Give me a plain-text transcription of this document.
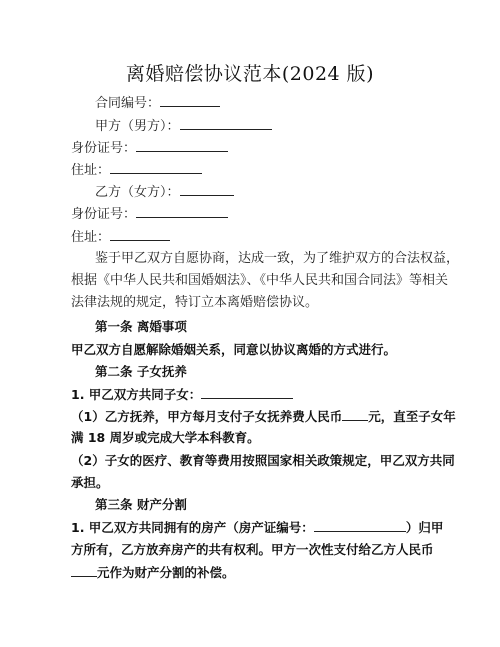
离婚赔偿协议范本(2024 版)
合同编号：
甲方（男方）：
身份证号：
住址：
乙方（女方）：
身份证号：
住址：
鉴于甲乙双方自愿协商，达成一致，为了维护双方的合法权益，
根据《中华人民共和国婚姻法》、《中华人民共和国合同法》等相关
法律法规的规定，特订立本离婚赔偿协议。
第一条 离婚事项
甲乙双方自愿解除婚姻关系，同意以协议离婚的方式进行。
第二条 子女抚养
1. 甲乙双方共同子女：
（1）乙方抚养，甲方每月支付子女抚养费人民币 元，直至子女年
满 18 周岁或完成大学本科教育。
（2）子女的医疗、教育等费用按照国家相关政策规定，甲乙双方共同
承担。
第三条 财产分割
1. 甲乙双方共同拥有的房产（房产证编号：	）归甲
方所有，乙方放弃房产的共有权利。甲方一次性支付给乙方人民币
元作为财产分割的补偿。
